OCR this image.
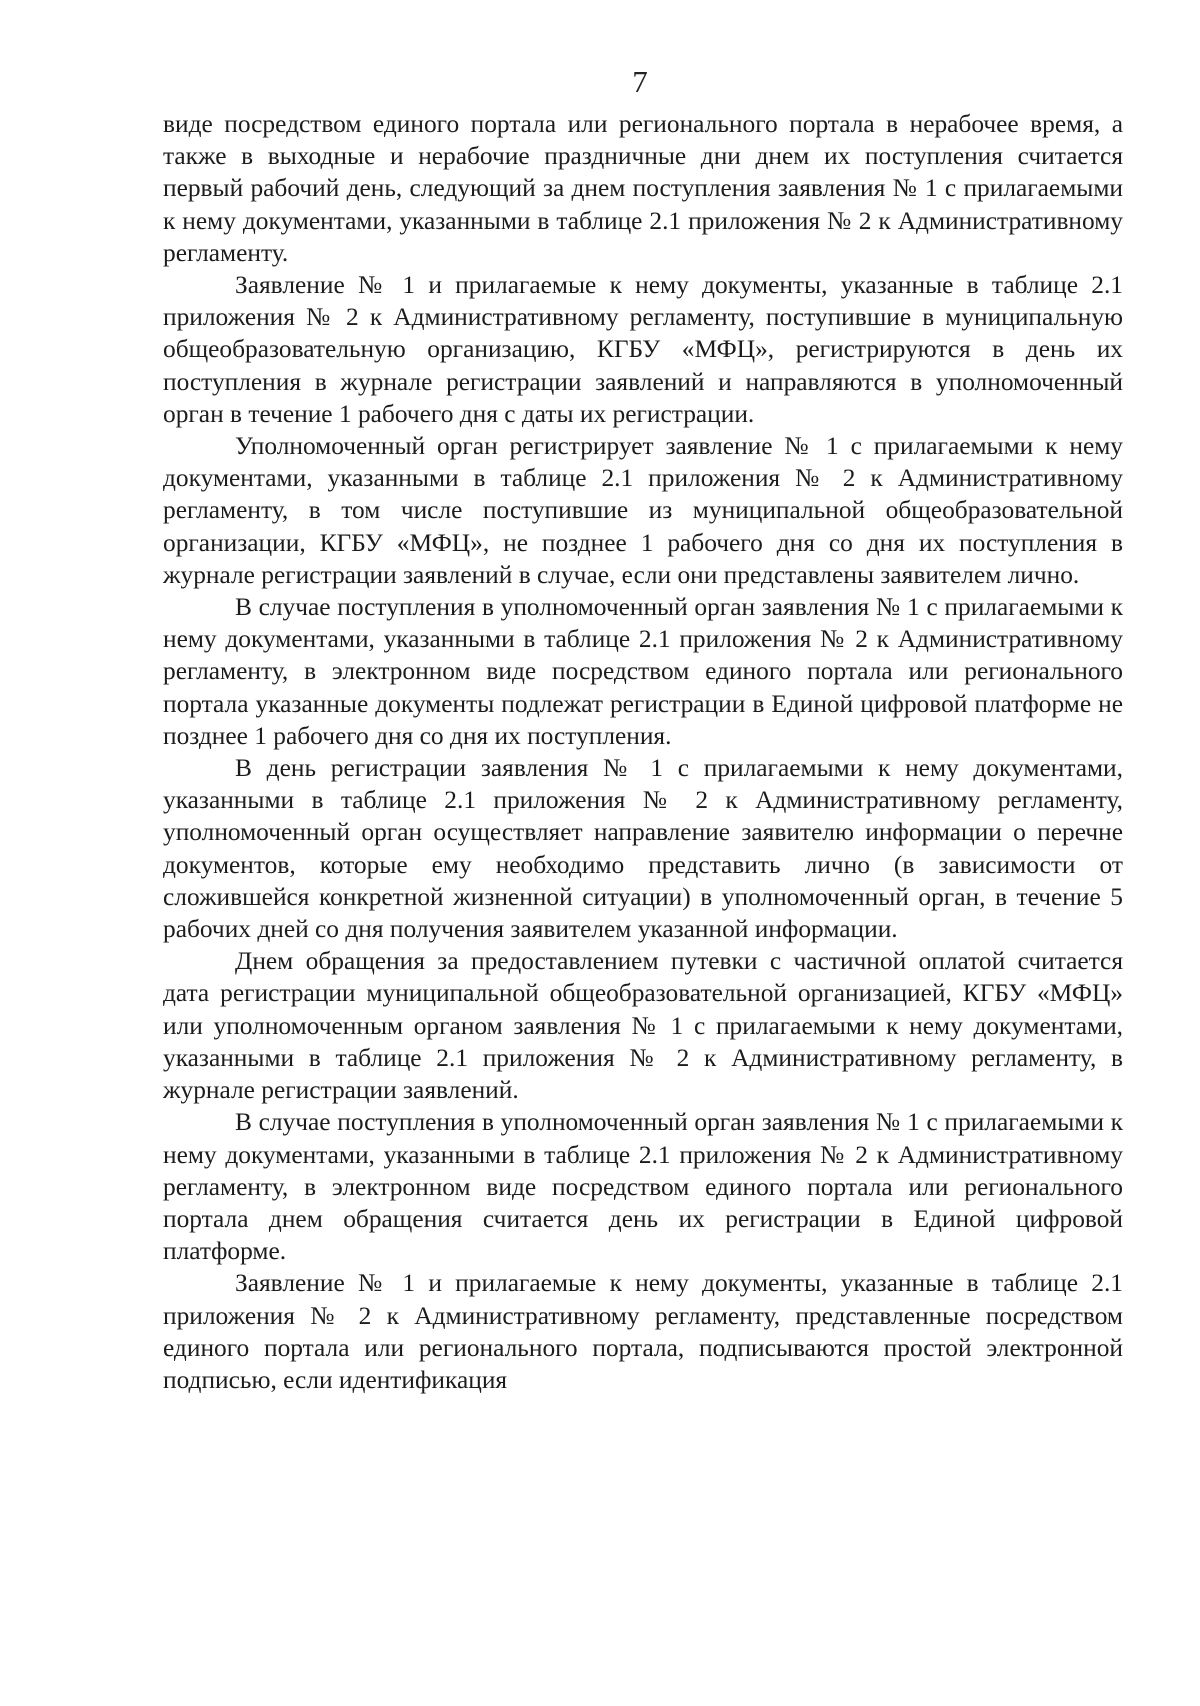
7

виде посредством единого портала или регионального портала в нерабочее время, а также в выходные и нерабочие праздничные дни днем их поступления считается первый рабочий день, следующий за днем поступления заявления № 1 с прилагаемыми к нему документами, указанными в таблице 2.1 приложения № 2 к Административному регламенту.

Заявление № 1 и прилагаемые к нему документы, указанные в таблице 2.1 приложения № 2 к Административному регламенту, поступившие в муниципальную общеобразовательную организацию, КГБУ «МФЦ», регистрируются в день их поступления в журнале регистрации заявлений и направляются в уполномоченный орган в течение 1 рабочего дня с даты их регистрации.

Уполномоченный орган регистрирует заявление № 1 с прилагаемыми к нему документами, указанными в таблице 2.1 приложения № 2 к Административному регламенту, в том числе поступившие из муниципальной общеобразовательной организации, КГБУ «МФЦ», не позднее 1 рабочего дня со дня их поступления в журнале регистрации заявлений в случае, если они представлены заявителем лично.

В случае поступления в уполномоченный орган заявления № 1 с прилагаемыми к нему документами, указанными в таблице 2.1 приложения № 2 к Административному регламенту, в электронном виде посредством единого портала или регионального портала указанные документы подлежат регистрации в Единой цифровой платформе не позднее 1 рабочего дня со дня их поступления.

В день регистрации заявления № 1 с прилагаемыми к нему документами, указанными в таблице 2.1 приложения № 2 к Административному регламенту, уполномоченный орган осуществляет направление заявителю информации о перечне документов, которые ему необходимо представить лично (в зависимости от сложившейся конкретной жизненной ситуации) в уполномоченный орган, в течение 5 рабочих дней со дня получения заявителем указанной информации.

Днем обращения за предоставлением путевки с частичной оплатой считается дата регистрации муниципальной общеобразовательной организацией, КГБУ «МФЦ» или уполномоченным органом заявления № 1 с прилагаемыми к нему документами, указанными в таблице 2.1 приложения № 2 к Административному регламенту, в журнале регистрации заявлений.

В случае поступления в уполномоченный орган заявления № 1 с прилагаемыми к нему документами, указанными в таблице 2.1 приложения № 2 к Административному регламенту, в электронном виде посредством единого портала или регионального портала днем обращения считается день их регистрации в Единой цифровой платформе.

Заявление № 1 и прилагаемые к нему документы, указанные в таблице 2.1 приложения № 2 к Административному регламенту, представленные посредством единого портала или регионального портала, подписываются простой электронной подписью, если идентификация
